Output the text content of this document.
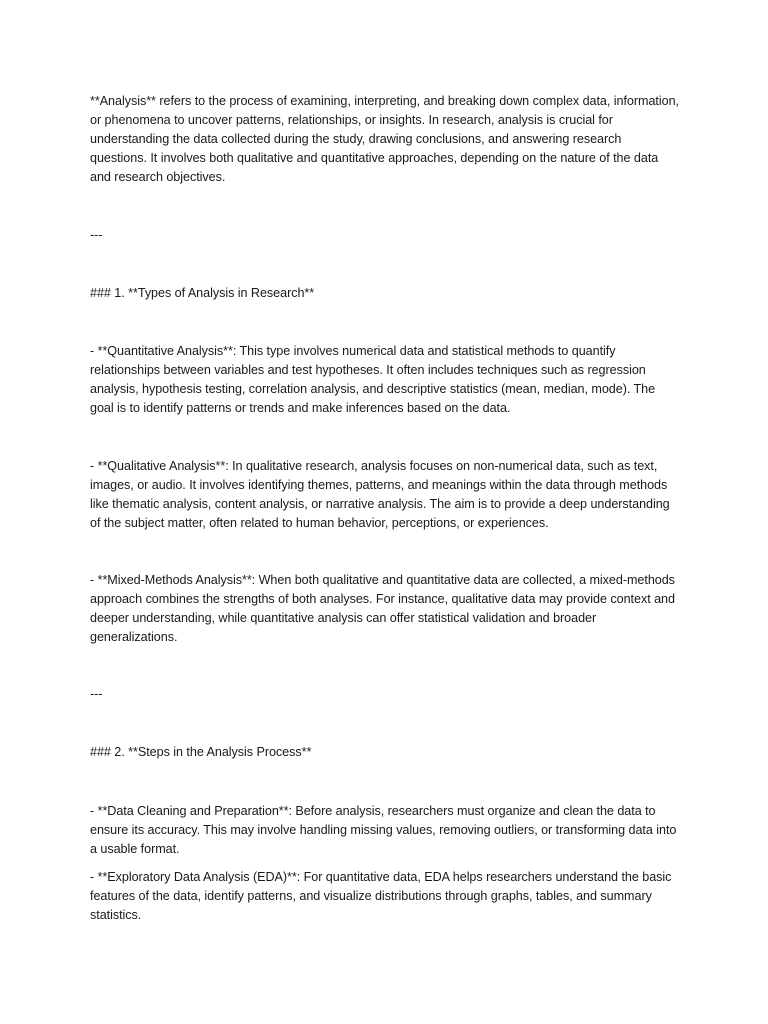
**Analysis** refers to the process of examining, interpreting, and breaking down complex data, information, or phenomena to uncover patterns, relationships, or insights. In research, analysis is crucial for understanding the data collected during the study, drawing conclusions, and answering research questions. It involves both qualitative and quantitative approaches, depending on the nature of the data and research objectives.

---

### 1. **Types of Analysis in Research**

- **Quantitative Analysis**: This type involves numerical data and statistical methods to quantify relationships between variables and test hypotheses. It often includes techniques such as regression analysis, hypothesis testing, correlation analysis, and descriptive statistics (mean, median, mode). The goal is to identify patterns or trends and make inferences based on the data.

- **Qualitative Analysis**: In qualitative research, analysis focuses on non-numerical data, such as text, images, or audio. It involves identifying themes, patterns, and meanings within the data through methods like thematic analysis, content analysis, or narrative analysis. The aim is to provide a deep understanding of the subject matter, often related to human behavior, perceptions, or experiences.

- **Mixed-Methods Analysis**: When both qualitative and quantitative data are collected, a mixed-methods approach combines the strengths of both analyses. For instance, qualitative data may provide context and deeper understanding, while quantitative analysis can offer statistical validation and broader generalizations.

---

### 2. **Steps in the Analysis Process**

- **Data Cleaning and Preparation**: Before analysis, researchers must organize and clean the data to ensure its accuracy. This may involve handling missing values, removing outliers, or transforming data into a usable format.

- **Exploratory Data Analysis (EDA)**: For quantitative data, EDA helps researchers understand the basic features of the data, identify patterns, and visualize distributions through graphs, tables, and summary statistics.
